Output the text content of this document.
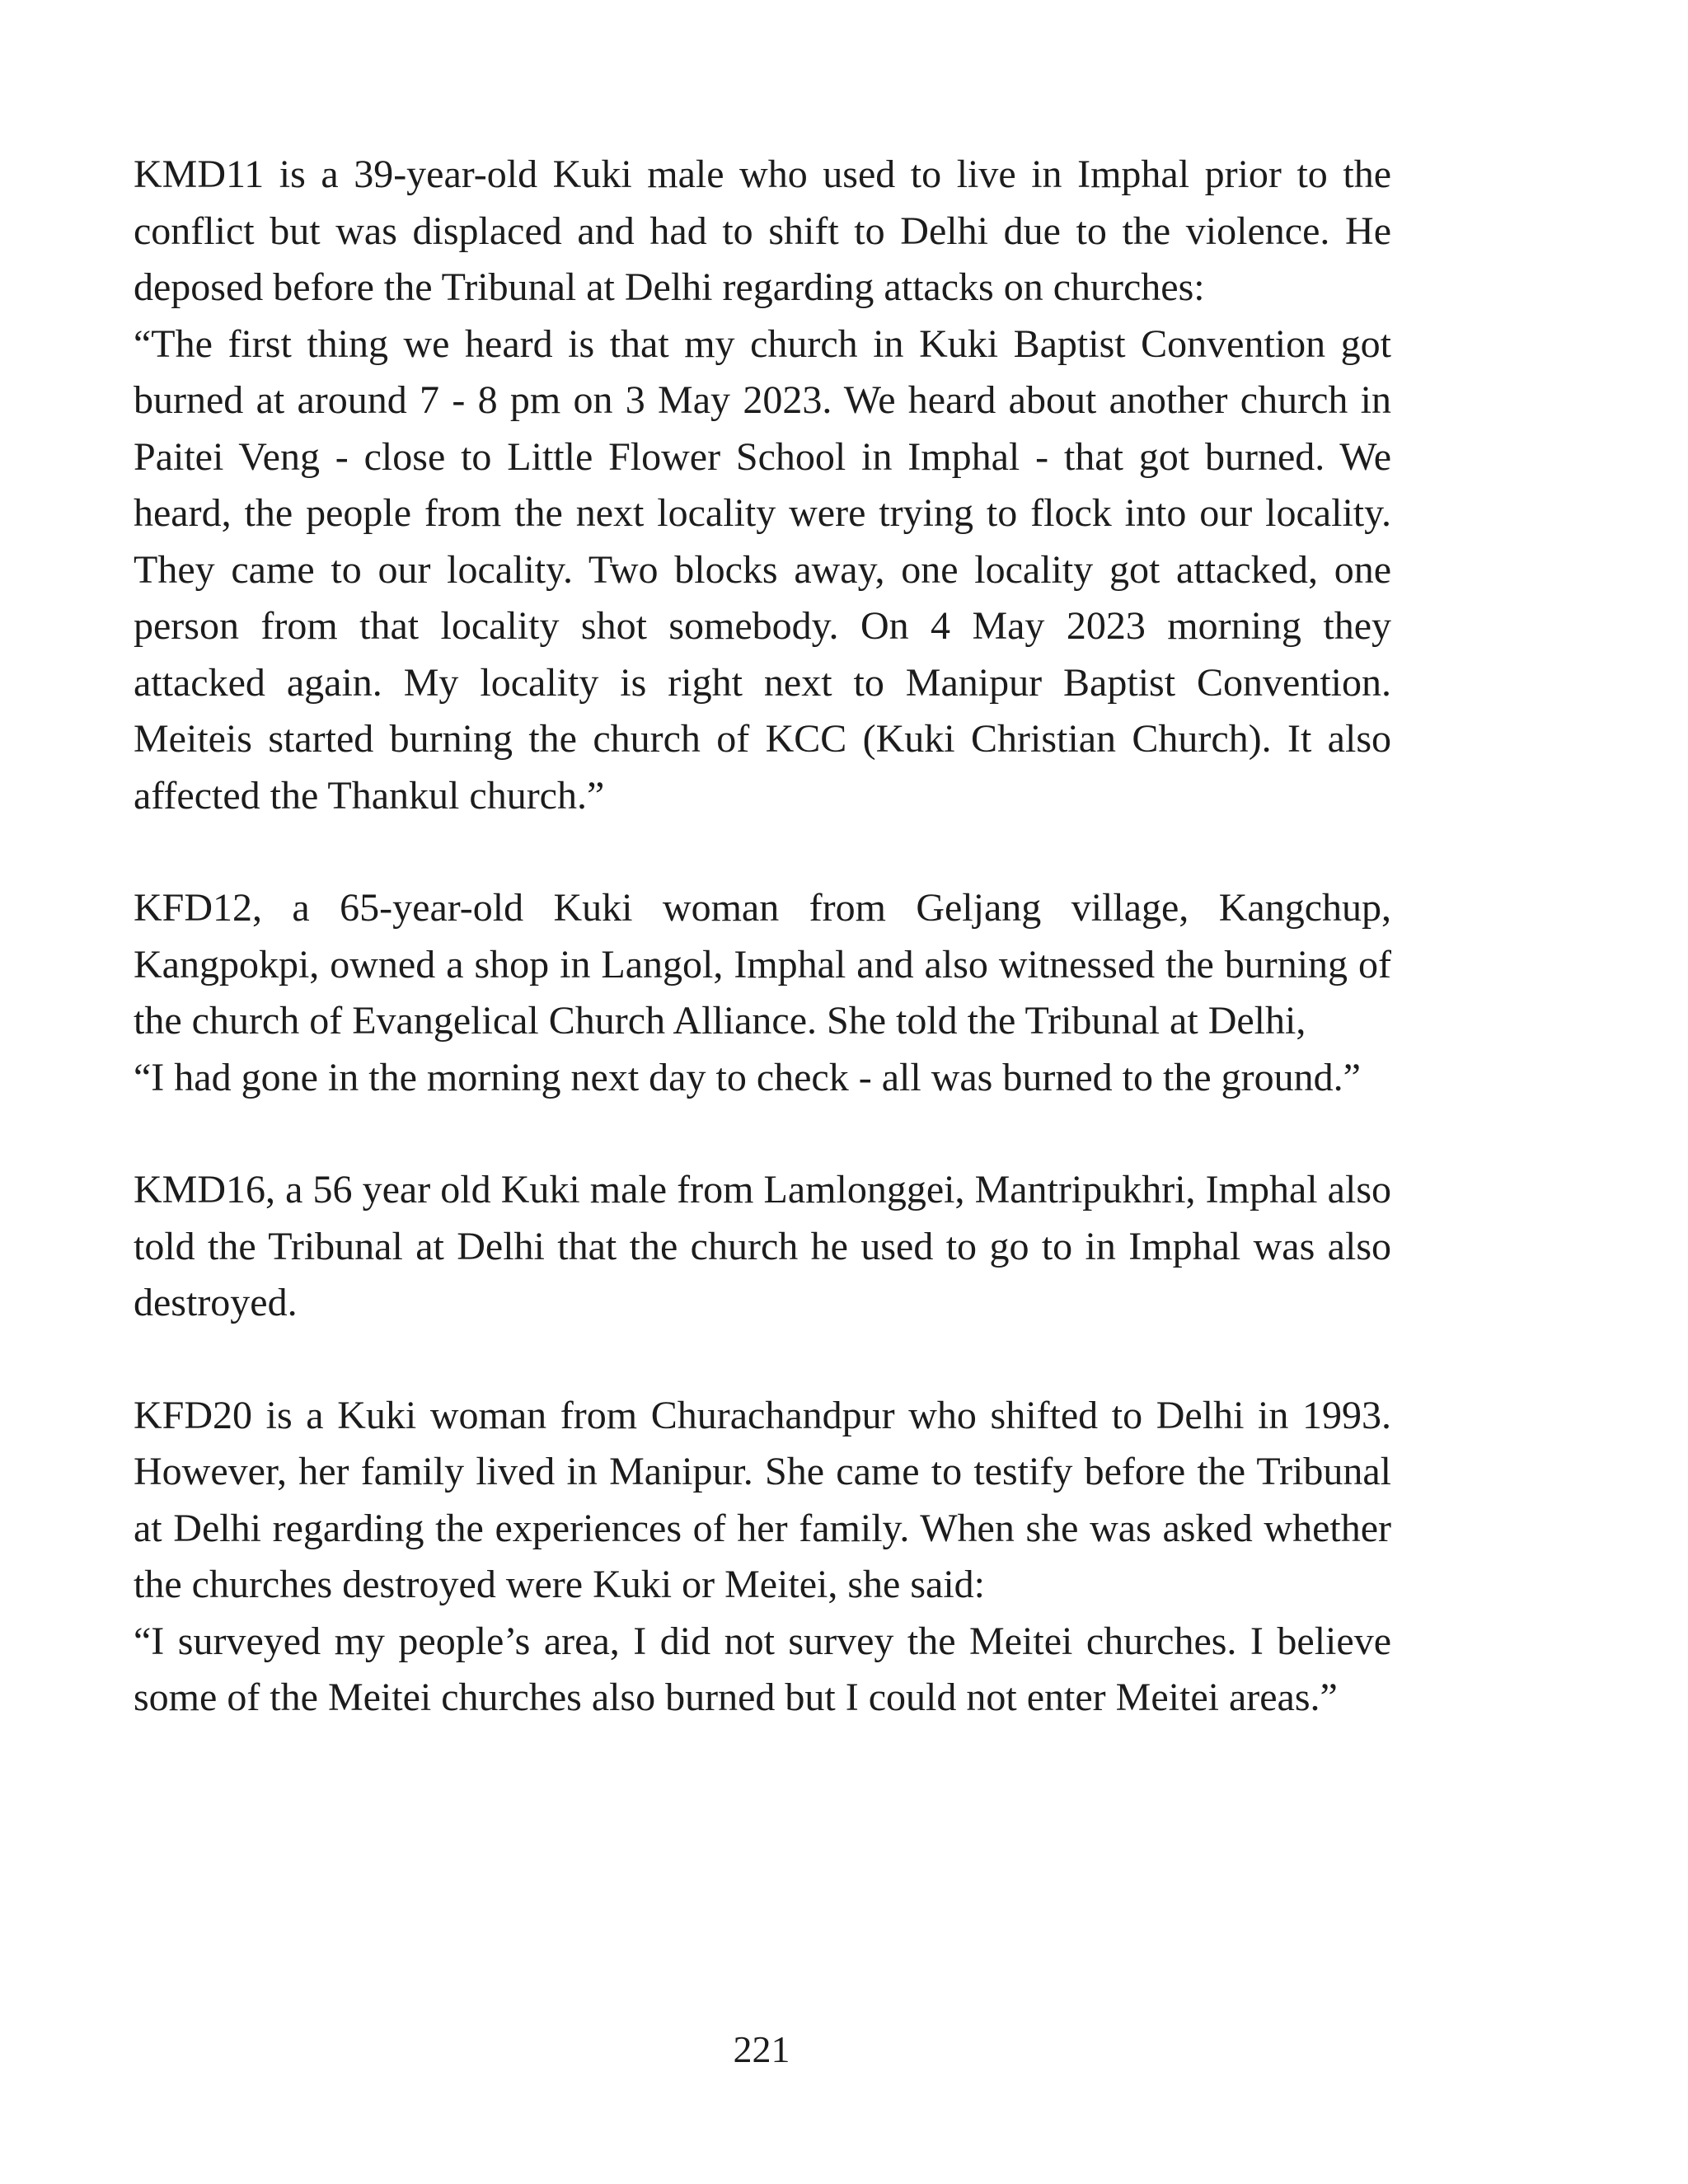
KMD11 is a 39-year-old Kuki male who used to live in Imphal prior to the conflict but was displaced and had to shift to Delhi due to the violence. He deposed before the Tribunal at Delhi regarding attacks on churches:

“The first thing we heard is that my church in Kuki Baptist Convention got burned at around 7 - 8 pm on 3 May 2023. We heard about another church in Paitei Veng - close to Little Flower School in Imphal - that got burned. We heard, the people from the next locality were trying to flock into our locality. They came to our locality. Two blocks away, one locality got attacked, one person from that locality shot somebody. On 4 May 2023 morning they attacked again. My locality is right next to Manipur Baptist Convention. Meiteis started burning the church of KCC (Kuki Christian Church). It also affected the Thankul church.”

KFD12, a 65-year-old Kuki woman from Geljang village, Kangchup, Kangpokpi, owned a shop in Langol, Imphal and also witnessed the burning of the church of Evangelical Church Alliance. She told the Tribunal at Delhi,

“I had gone in the morning next day to check - all was burned to the ground.”

KMD16, a 56 year old Kuki male from Lamlonggei, Mantripukhri, Imphal also told the Tribunal at Delhi that the church he used to go to in Imphal was also destroyed.

KFD20 is a Kuki woman from Churachandpur who shifted to Delhi in 1993. However, her family lived in Manipur. She came to testify before the Tribunal at Delhi regarding the experiences of her family. When she was asked whether the churches destroyed were Kuki or Meitei, she said:

“I surveyed my people’s area, I did not survey the Meitei churches. I believe some of the Meitei churches also burned but I could not enter Meitei areas.”

221
